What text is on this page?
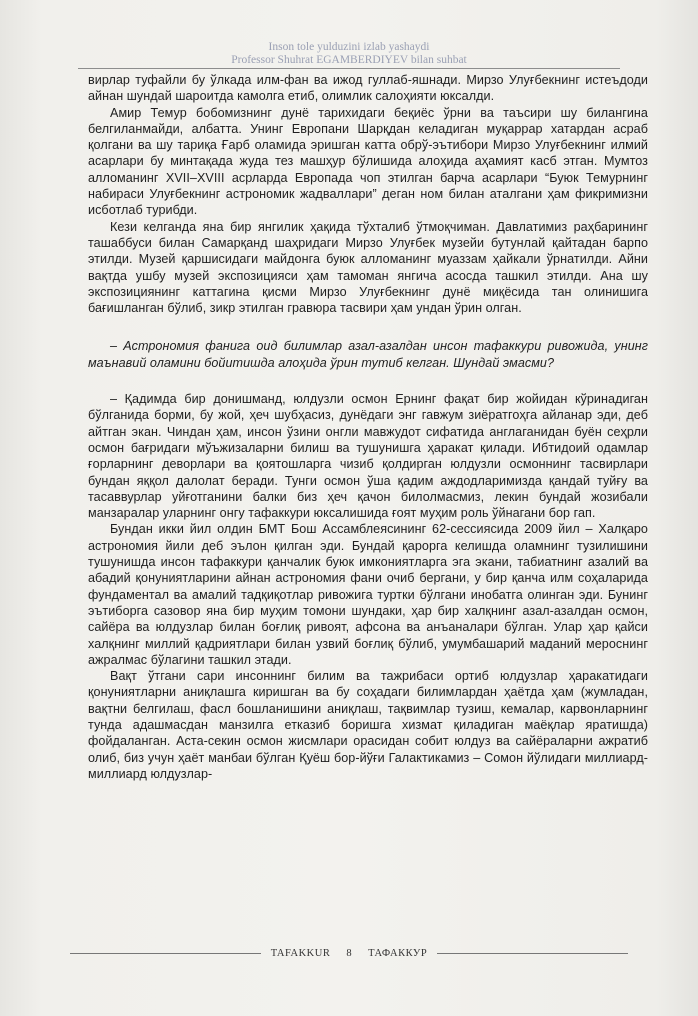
Inson tole yulduzini izlab yashaydi
Professor Shuhrat EGAMBERDIYEV bilan suhbat

вирлар туфайли бу ўлкада илм-фан ва ижод гуллаб-яшнади. Мирзо Улуғбекнинг истеъдоди айнан шундай шароитда камолга етиб, олимлик салоҳияти юксалди.

Амир Темур бобомизнинг дунё тарихидаги беқиёс ўрни ва таъсири шу билангина белгиланмайди, албатта. Унинг Европани Шарқдан келадиган муқаррар хатардан асраб қолгани ва шу тариқа Ғарб оламида эришган катта обрў-эътибори Мирзо Улуғбекнинг илмий асарлари бу минтақада жуда тез машҳур бўлишида алоҳида аҳамият касб этган. Мумтоз алломанинг XVII–XVIII асрларда Европада чоп этилган барча асарлари “Буюк Темурнинг набираси Улуғбекнинг астрономик жадваллари” деган ном билан аталгани ҳам фикримизни исботлаб турибди.

Кези келганда яна бир янгилик ҳақида тўхталиб ўтмоқчиман. Давлатимиз раҳбарининг ташаббуси билан Самарқанд шаҳридаги Мирзо Улуғбек музейи бутунлай қайтадан барпо этилди. Музей қаршисидаги майдонга буюк алломанинг муаззам ҳайкали ўрнатилди. Айни вақтда ушбу музей экспозицияси ҳам тамоман янгича асосда ташкил этилди. Ана шу экспозициянинг каттагина қисми Мирзо Улуғбекнинг дунё миқёсида тан олинишига бағишланган бўлиб, зикр этилган гравюра тасвири ҳам ундан ўрин олган.

– Астрономия фанига оид билимлар азал-азалдан инсон тафаккури ривожида, унинг маънавий оламини бойитишда алоҳида ўрин тутиб келган. Шундай эмасми?

– Қадимда бир донишманд, юлдузли осмон Ернинг фақат бир жойидан кўринадиган бўлганида борми, бу жой, ҳеч шубҳасиз, дунёдаги энг гавжум зиёратгоҳга айланар эди, деб айтган экан. Чиндан ҳам, инсон ўзини онгли мавжудот сифатида англаганидан буён сеҳрли осмон бағридаги мўъжизаларни билиш ва тушунишга ҳаракат қилади. Ибтидоий одамлар ғорларнинг деворлари ва қоятошларга чизиб қолдирган юлдузли осмоннинг тасвирлари бундан яққол далолат беради. Тунги осмон ўша қадим аждодларимизда қандай туйғу ва тасаввурлар уйғотганини балки биз ҳеч қачон билолмасмиз, лекин бундай жозибали манзаралар уларнинг онгу тафаккури юксалишида ғоят муҳим роль ўйнагани бор гап.

Бундан икки йил олдин БМТ Бош Ассамблеясининг 62-сессиясида 2009 йил – Халқаро астрономия йили деб эълон қилган эди. Бундай қарорга келишда оламнинг тузилишини тушунишда инсон тафаккури қанчалик буюк имкониятларга эга экани, табиатнинг азалий ва абадий қонуниятларини айнан астрономия фани очиб бергани, у бир қанча илм соҳаларида фундаментал ва амалий тадқиқотлар ривожига туртки бўлгани инобатга олинган эди. Бунинг эътиборга сазовор яна бир муҳим томони шундаки, ҳар бир халқнинг азал-азалдан осмон, сайёра ва юлдузлар билан боғлиқ ривоят, афсона ва анъаналари бўлган. Улар ҳар қайси халқнинг миллий қадриятлари билан узвий боғлиқ бўлиб, умумбашарий маданий мероснинг ажралмас бўлагини ташкил этади.

Вақт ўтгани сари инсоннинг билим ва тажрибаси ортиб юлдузлар ҳаракатидаги қонуниятларни аниқлашга киришган ва бу соҳадаги билимлардан ҳаётда ҳам (жумладан, вақтни белгилаш, фасл бошланишини аниқлаш, тақвимлар тузиш, кемалар, карвонларнинг тунда адашмасдан манзилга етказиб боришга хизмат қиладиган маёқлар яратишда) фойдаланган. Аста-секин осмон жисмлари орасидан собит юлдуз ва сайёраларни ажратиб олиб, биз учун ҳаёт манбаи бўлган Қуёш бор-йўғи Галактикамиз – Сомон йўлидаги миллиард-миллиард юлдузлар-

TAFAKKUR 8 ТАФАККУР
